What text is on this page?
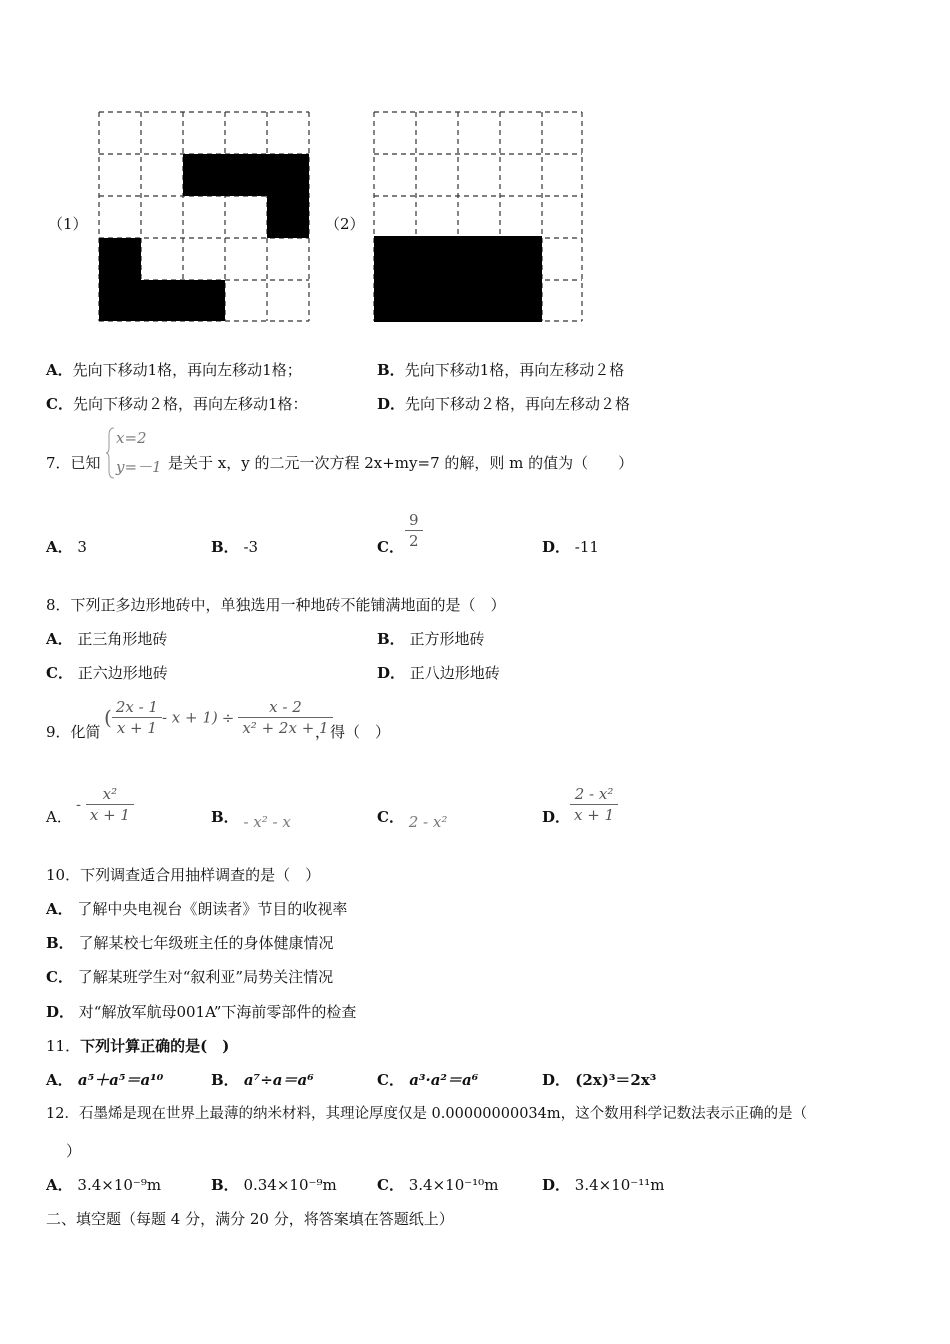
（1）	（2）
A．先向下移动1格，再向左移动1格；	B．先向下移动1格，再向左移动２格
C．先向下移动２格，再向左移动1格：	D．先向下移动２格，再向左移动２格
7．已知
x=2
y=－1 是关于 x，y 的二元一次方程 2x+my=7 的解，则 m 的值为（　　）
A． 3	B． -3	C． $\frac{9}{2}$	D． -11
8．下列正多边形地砖中，单独选用一种地砖不能铺满地面的是（　）
A． 正三角形地砖	B． 正方形地砖
C． 正六边形地砖	D． 正八边形地砖
9．化简
( $\frac{2x - 1}{x + 1} - x + 1) \div \frac{x - 2}{\text{x² + 2x + 1}}$
，得（　）
A．
- $\frac{\text{x²}}{x + 1}$	B． - x² - x	C． 2 - x²	D． $\frac{\text{2 - x²}}{x + 1}$
10．下列调查适合用抽样调查的是（　）
A． 了解中央电视台《朗读者》节目的收视率
B． 了解某校七年级班主任的身体健康情况
C． 了解某班学生对“叙利亚”局势关注情况
D． 对“解放军航母001A”下海前零部件的检查
11．下列计算正确的是(　)
A． a⁵＋a⁵＝a¹⁰	B． a⁷÷a＝a⁶	C． a³·a²＝a⁶	D． (2x)³＝2x³
12．石墨烯是现在世界上最薄的纳米材料，其理论厚度仅是 0.00000000034m，这个数用科学记数法表示正确的是（
）
A． 3.4×10⁻⁹m	B． 0.34×10⁻⁹m	C． 3.4×10⁻¹⁰m	D． 3.4×10⁻¹¹m
二、填空题（每题 4 分，满分 20 分，将答案填在答题纸上）
